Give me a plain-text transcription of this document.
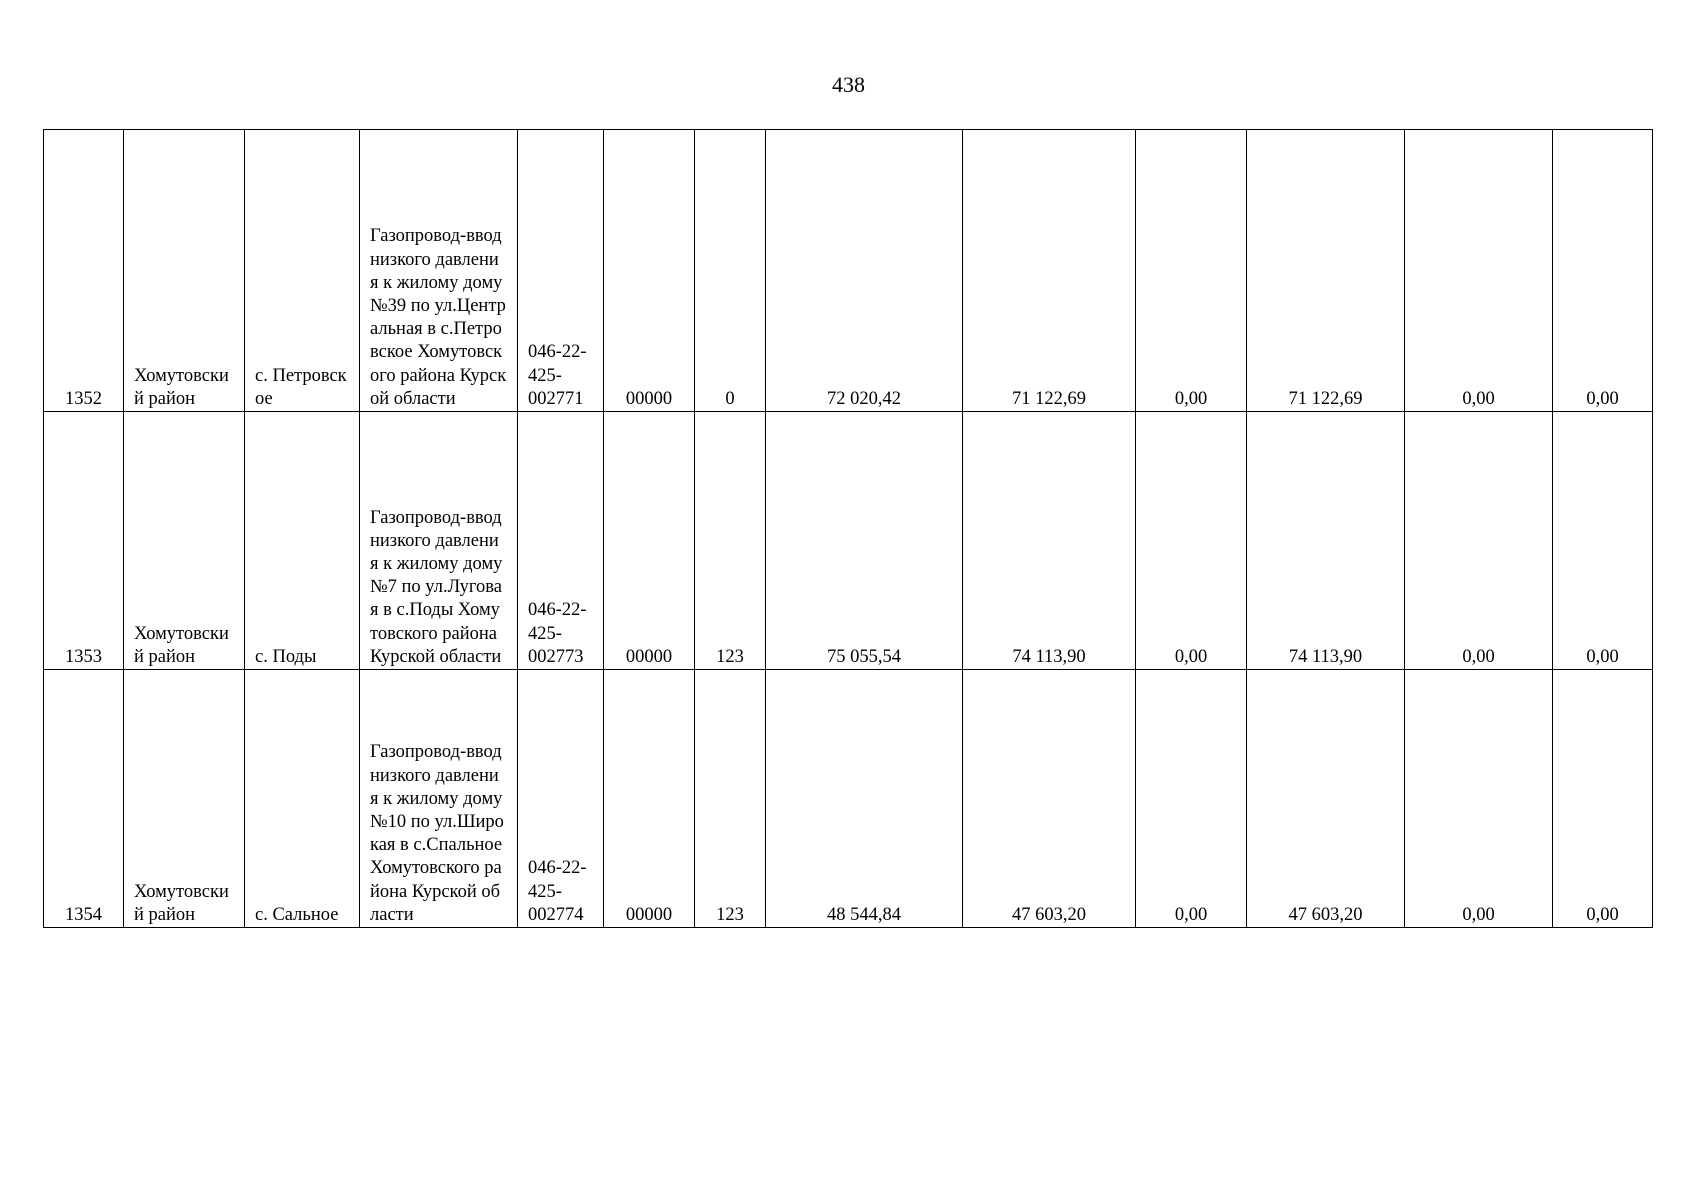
438
1352	Хомутовский район	с. Петровское	Газопровод-ввод низкого давления к жилому дому №39 по ул.Центральная в с.Петровское Хомутовского района Курской области	046-22-425-002771	00000	0	72 020,42	71 122,69	0,00	71 122,69	0,00	0,00
1353	Хомутовский район	с. Поды	Газопровод-ввод низкого давления к жилому дому №7 по ул.Луговая в с.Поды Хомутовского района Курской области	046-22-425-002773	00000	123	75 055,54	74 113,90	0,00	74 113,90	0,00	0,00
1354	Хомутовский район	с. Сальное	Газопровод-ввод низкого давления к жилому дому №10 по ул.Широкая в с.Спальное Хомутовского района Курской области	046-22-425-002774	00000	123	48 544,84	47 603,20	0,00	47 603,20	0,00	0,00
